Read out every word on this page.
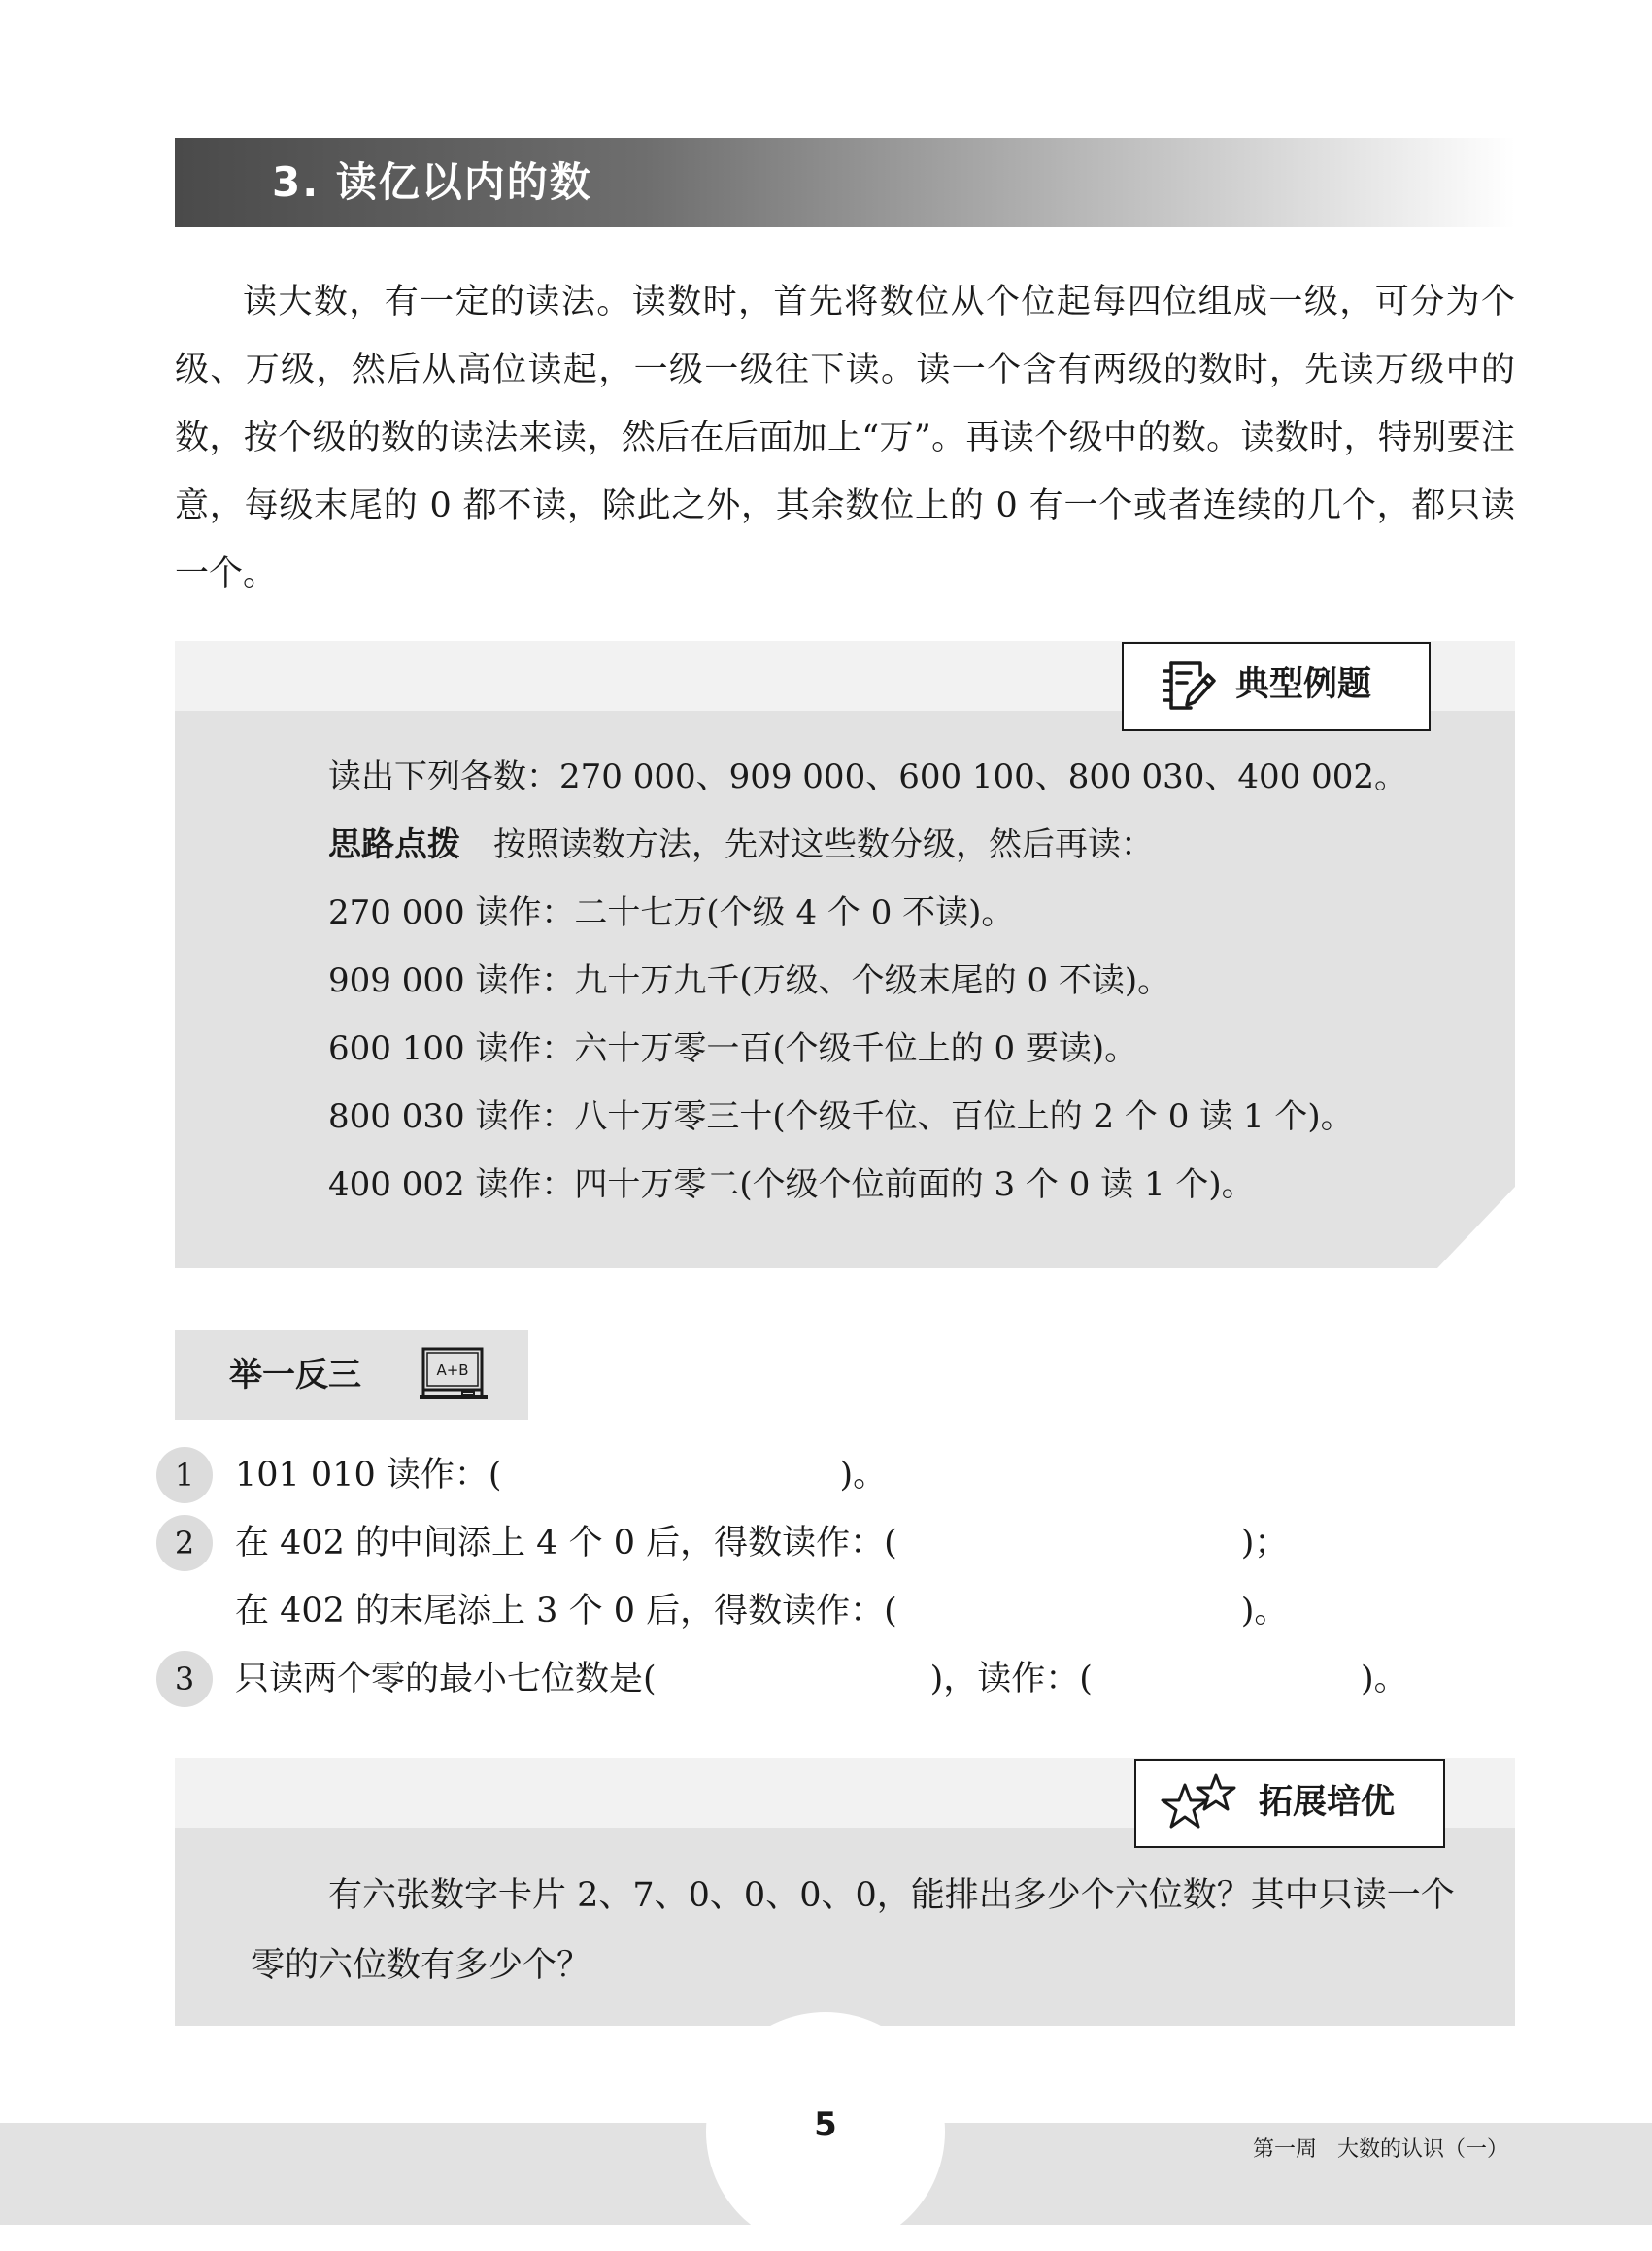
3. 读亿以内的数
读大数，有一定的读法。读数时，首先将数位从个位起每四位组成一级，可分为个级、万级，然后从高位读起，一级一级往下读。读一个含有两级的数时，先读万级中的数，按个级的数的读法来读，然后在后面加上“万”。再读个级中的数。读数时，特别要注意，每级末尾的 0 都不读，除此之外，其余数位上的 0 有一个或者连续的几个，都只读一个。
典型例题
读出下列各数：270 000、909 000、600 100、800 030、400 002。
思路点拨 按照读数方法，先对这些数分级，然后再读：
270 000 读作：二十七万(个级 4 个 0 不读)。
909 000 读作：九十万九千(万级、个级末尾的 0 不读)。
600 100 读作：六十万零一百(个级千位上的 0 要读)。
800 030 读作：八十万零三十(个级千位、百位上的 2 个 0 读 1 个)。
400 002 读作：四十万零二(个级个位前面的 3 个 0 读 1 个)。
举一反三	A+B
1	101 010 读作：(	)。
2	在 402 的中间添上 4 个 0 后，得数读作：(	)；
在 402 的末尾添上 3 个 0 后，得数读作：(	)。
3	只读两个零的最小七位数是(	)，读作：(	)。
拓展培优
有六张数字卡片 2、7、0、0、0、0，能排出多少个六位数？其中只读一个零的六位数有多少个？
5
第一周   大数的认识（一）
